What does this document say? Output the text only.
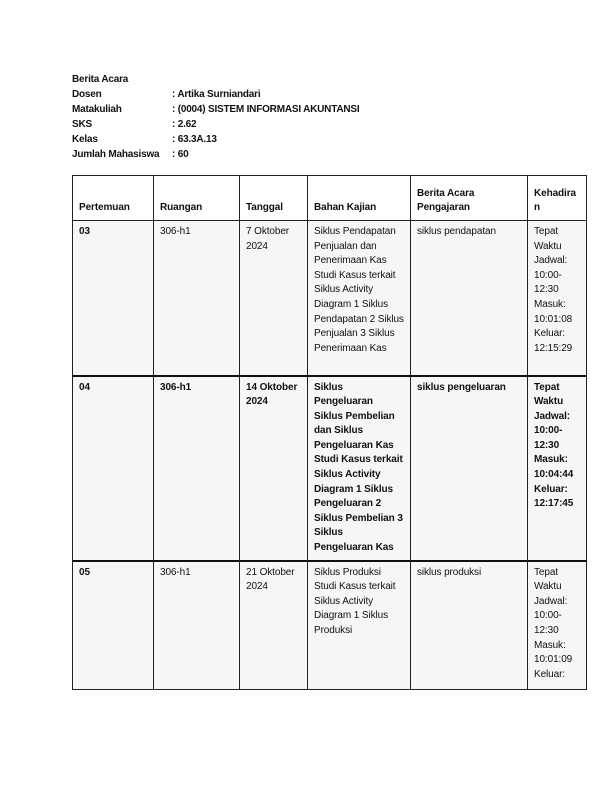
Berita Acara
Dosen	: Artika Surniandari
Matakuliah	: (0004) SISTEM INFORMASI AKUNTANSI
SKS	: 2.62
Kelas	: 63.3A.13
Jumlah Mahasiswa	: 60
Pertemuan	Ruangan	Tanggal	Bahan Kajian	Berita Acara Pengajaran	Kehadiran
03	306-h1	7 Oktober 2024	Siklus Pendapatan Penjualan dan Penerimaan Kas Studi Kasus terkait Siklus Activity Diagram 1 Siklus Pendapatan 2 Siklus Penjualan 3 Siklus Penerimaan Kas	siklus pendapatan	Tepat Waktu Jadwal: 10:00-12:30 Masuk: 10:01:08 Keluar: 12:15:29
04	306-h1	14 Oktober 2024	Siklus Pengeluaran Siklus Pembelian dan Siklus Pengeluaran Kas Studi Kasus terkait Siklus Activity Diagram 1 Siklus Pengeluaran 2 Siklus Pembelian 3 Siklus Pengeluaran Kas	siklus pengeluaran	Tepat Waktu Jadwal: 10:00-12:30 Masuk: 10:04:44 Keluar: 12:17:45
05	306-h1	21 Oktober 2024	Siklus Produksi Studi Kasus terkait Siklus Activity Diagram 1 Siklus Produksi	siklus produksi	Tepat Waktu Jadwal: 10:00-12:30 Masuk: 10:01:09 Keluar:
